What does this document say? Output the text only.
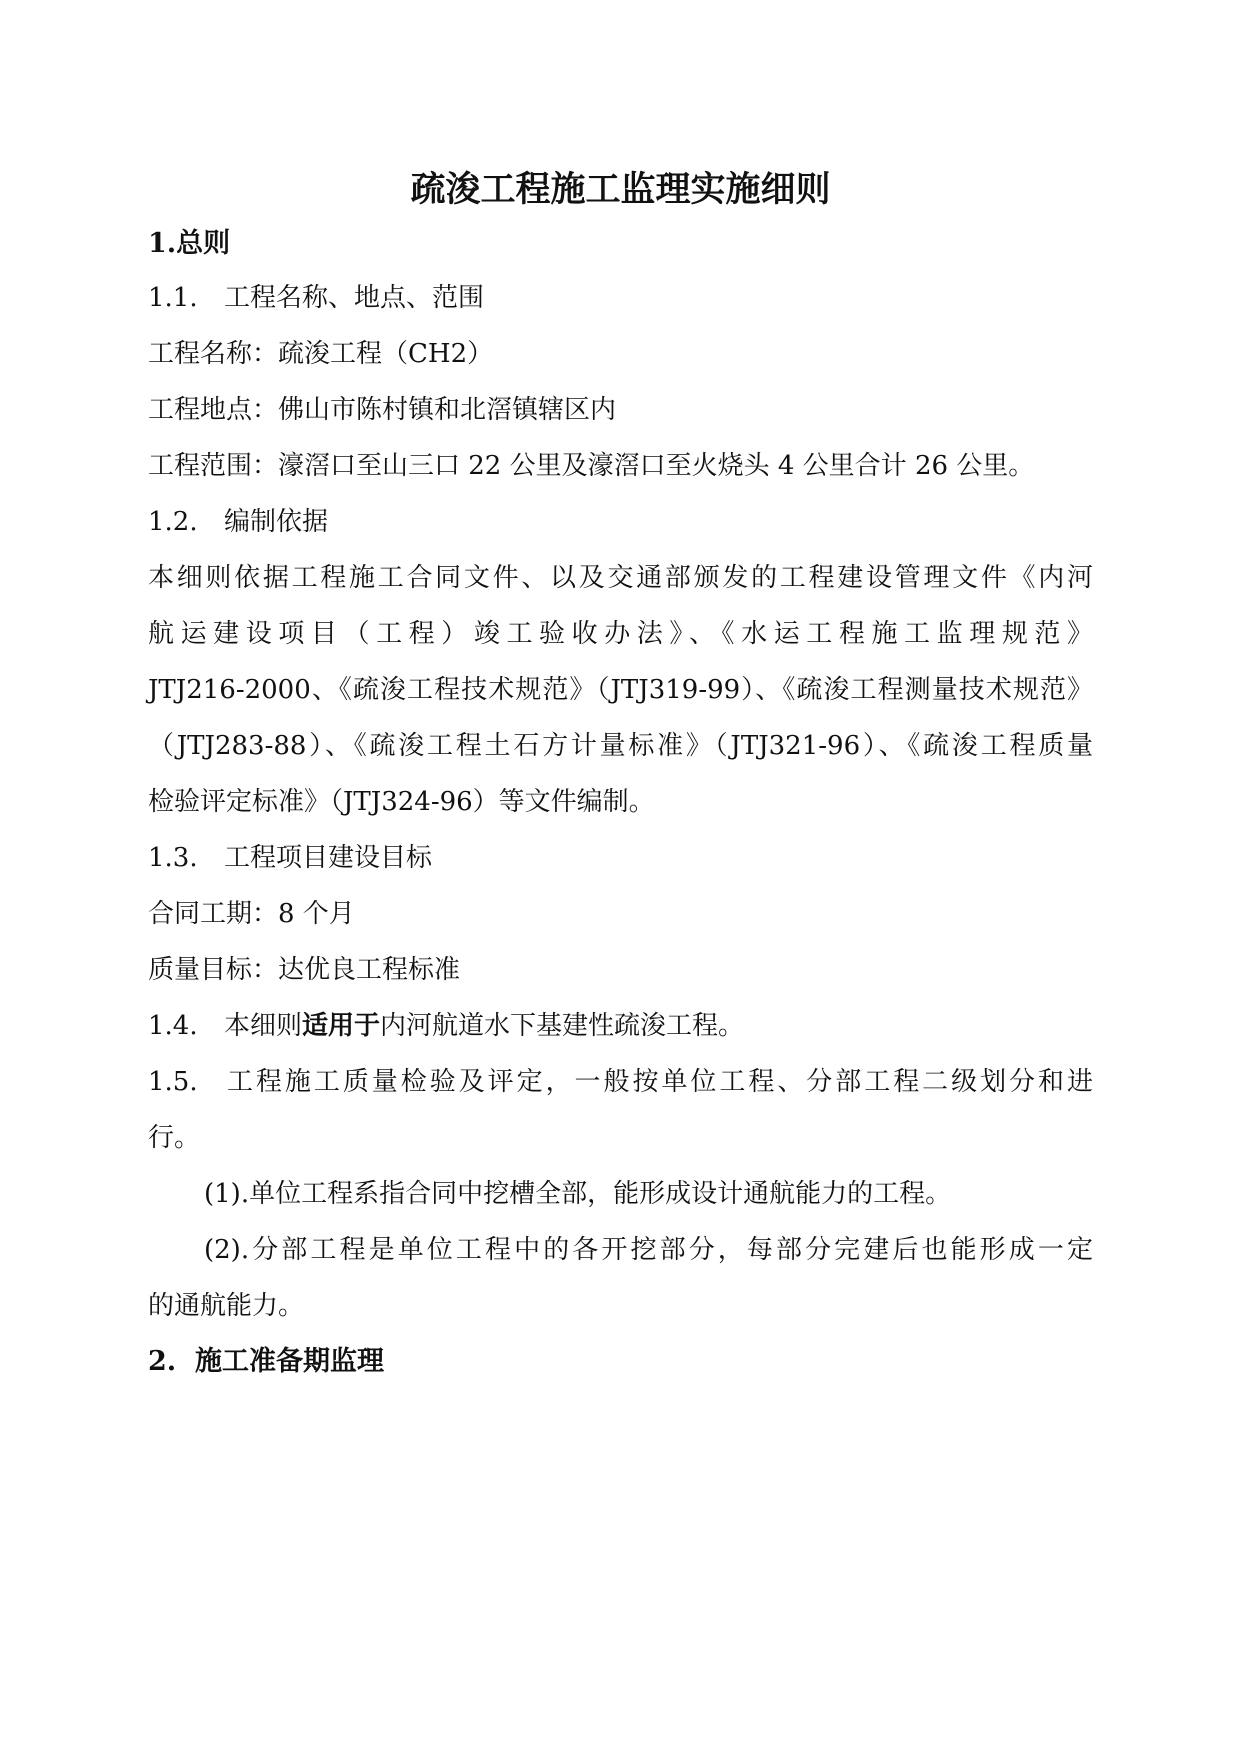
疏浚工程施工监理实施细则
1.总则
1.1. 工程名称、地点、范围
工程名称：疏浚工程（CH2）
工程地点：佛山市陈村镇和北滘镇辖区内
工程范围：濠滘口至山三口 22 公里及濠滘口至火烧头 4 公里合计 26 公里。
1.2. 编制依据
本细则依据工程施工合同文件、以及交通部颁发的工程建设管理文件《内河
航运建设项目（工程）竣工验收办法》、《水运工程施工监理规范》
JTJ216-2000、《疏浚工程技术规范》（JTJ319-99）、《疏浚工程测量技术规范》
（JTJ283-88）、《疏浚工程土石方计量标准》（JTJ321-96）、《疏浚工程质量
检验评定标准》（JTJ324-96）等文件编制。
1.3. 工程项目建设目标
合同工期：8 个月
质量目标：达优良工程标准
1.4. 本细则适用于内河航道水下基建性疏浚工程。
1.5. 工程施工质量检验及评定，一般按单位工程、分部工程二级划分和进
行。
(1).单位工程系指合同中挖槽全部，能形成设计通航能力的工程。
(2).分部工程是单位工程中的各开挖部分，每部分完建后也能形成一定
的通航能力。
2.  施工准备期监理
